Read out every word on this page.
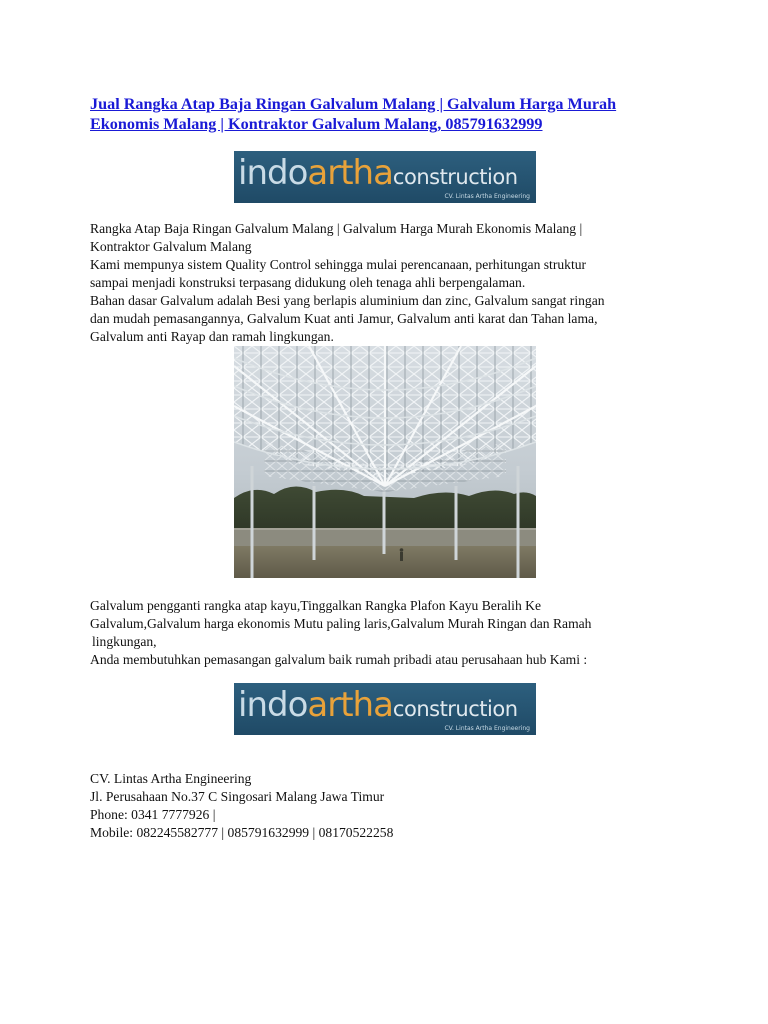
Jual Rangka Atap Baja Ringan Galvalum Malang | Galvalum Harga Murah
Ekonomis Malang | Kontraktor Galvalum Malang, 085791632999
indoarthaconstruction
CV. Lintas Artha Engineering

Rangka Atap Baja Ringan Galvalum Malang | Galvalum Harga Murah Ekonomis Malang |
Kontraktor Galvalum Malang
Kami mempunya sistem Quality Control sehingga mulai perencanaan, perhitungan struktur
sampai menjadi konstruksi terpasang didukung oleh tenaga ahli berpengalaman.
Bahan dasar Galvalum adalah Besi yang berlapis aluminium dan zinc, Galvalum sangat ringan
dan mudah pemasangannya, Galvalum Kuat anti Jamur, Galvalum anti karat dan Tahan lama,
Galvalum anti Rayap dan ramah lingkungan.

Galvalum pengganti rangka atap kayu,Tinggalkan Rangka Plafon Kayu Beralih Ke
Galvalum,Galvalum harga ekonomis Mutu paling laris,Galvalum Murah Ringan dan Ramah
lingkungan,
Anda membutuhkan pemasangan galvalum baik rumah pribadi atau perusahaan hub Kami :

indoarthaconstruction
CV. Lintas Artha Engineering

CV. Lintas Artha Engineering
Jl. Perusahaan No.37 C Singosari Malang Jawa Timur
Phone: 0341 7777926 |
Mobile: 082245582777 | 085791632999 | 08170522258
